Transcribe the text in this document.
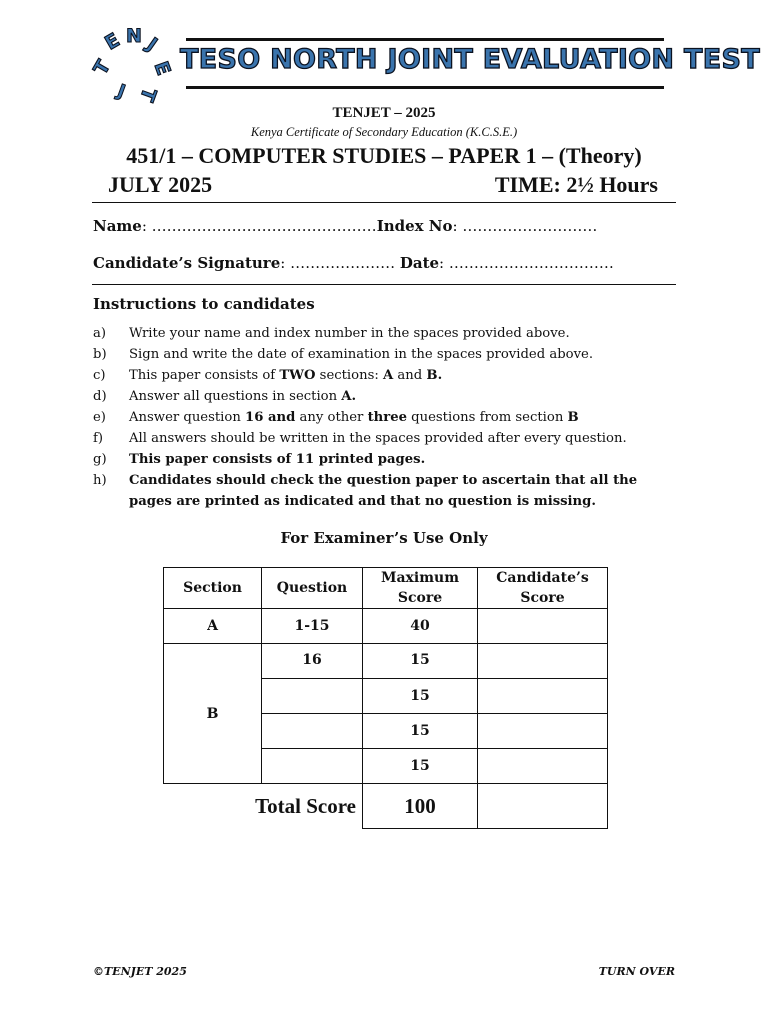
T
E N J
E
T
J
TESO NORTH JOINT EVALUATION TEST
TENJET – 2025
Kenya Certificate of Secondary Education (K.C.S.E.)
451/1 – COMPUTER STUDIES – PAPER 1 – (Theory)
JULY 2025	TIME: 2½ Hours
Name: ………………………………………Index No: ………………………
Candidate’s Signature: ………………… Date: ……………………………
Instructions to candidates
a)	Write your name and index number in the spaces provided above.
b)	Sign and write the date of examination in the spaces provided above.
c)	This paper consists of TWO sections: A and B.
d)	Answer all questions in section A.
e)	Answer question 16 and any other three questions from section B
f)	All answers should be written in the spaces provided after every question.
g)	This paper consists of 11 printed pages.
h)	Candidates should check the question paper to ascertain that all the pages are printed as indicated and that no question is missing.
For Examiner’s Use Only
Section	Question	Maximum Score	Candidate’s Score
A	1-15	40	
B	16	15	
		15	
		15	
		15	
Total Score		100	
©TENJET 2025	TURN OVER
